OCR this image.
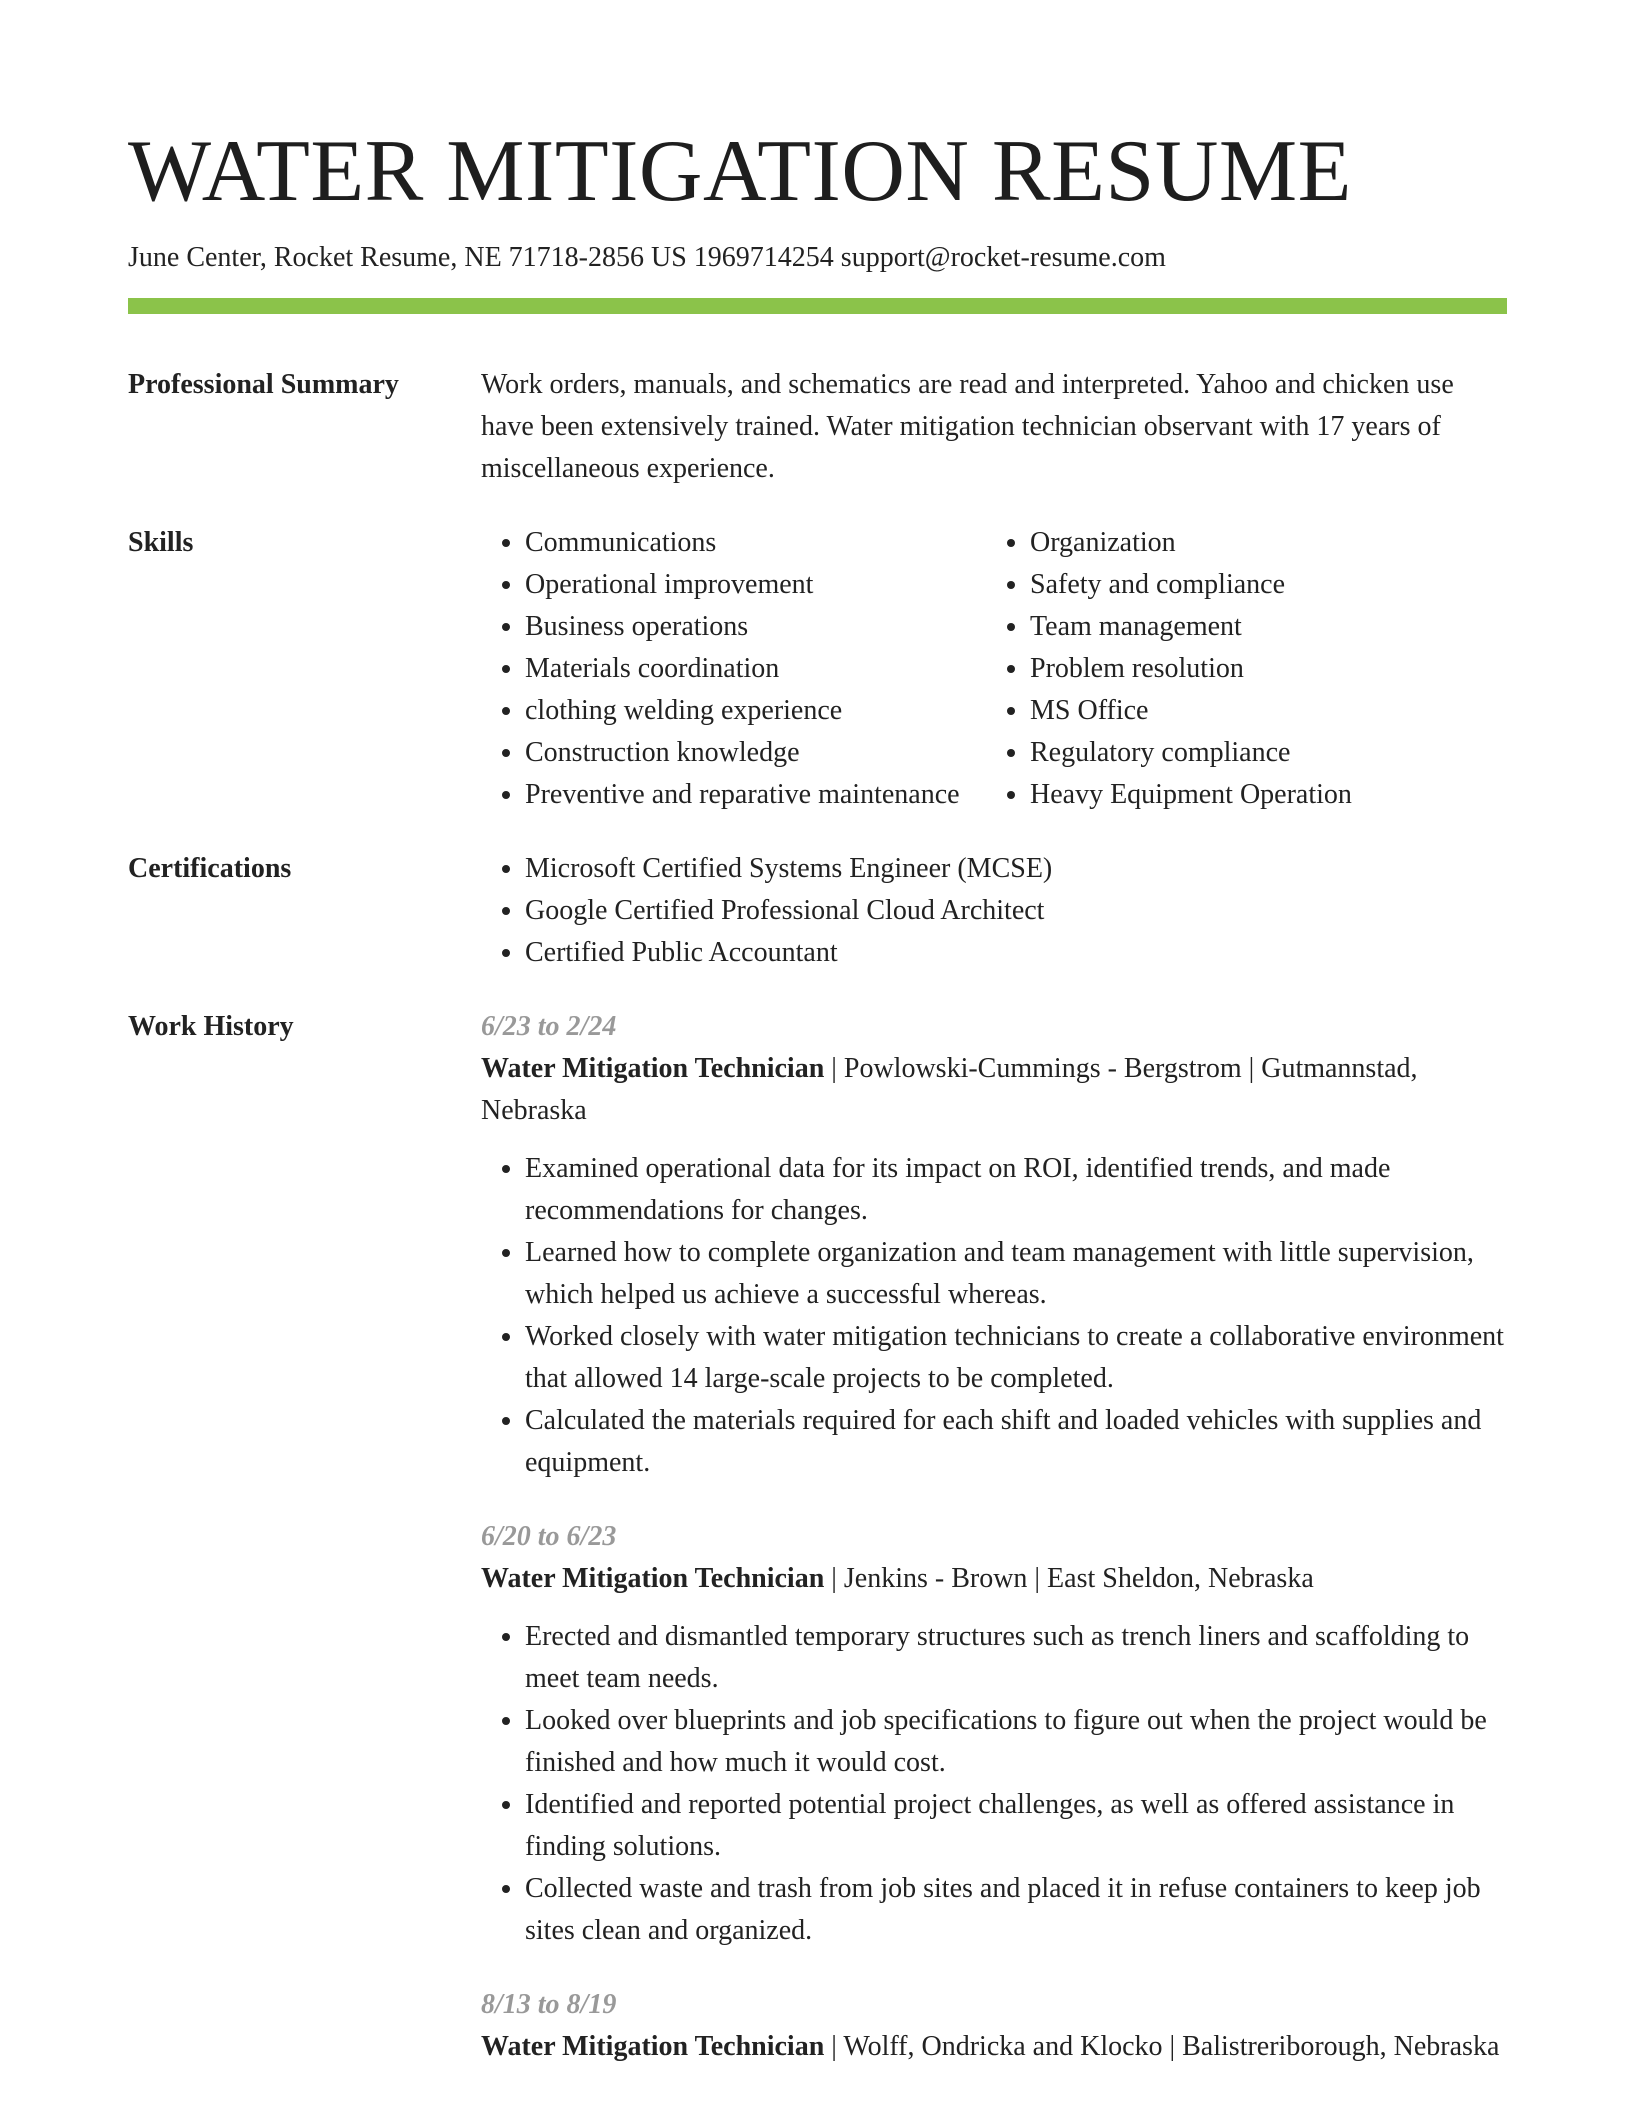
WATER MITIGATION RESUME
June Center, Rocket Resume, NE 71718-2856 US 1969714254 support@rocket-resume.com
Professional Summary	Work orders, manuals, and schematics are read and interpreted. Yahoo and chicken use have been extensively trained. Water mitigation technician observant with 17 years of miscellaneous experience.
Skills	• Communications
• Operational improvement
• Business operations
• Materials coordination
• clothing welding experience
• Construction knowledge
• Preventive and reparative maintenance
• Organization
• Safety and compliance
• Team management
• Problem resolution
• MS Office
• Regulatory compliance
• Heavy Equipment Operation
Certifications	• Microsoft Certified Systems Engineer (MCSE)
• Google Certified Professional Cloud Architect
• Certified Public Accountant
Work History	6/23 to 2/24
Water Mitigation Technician | Powlowski-Cummings - Bergstrom | Gutmannstad, Nebraska
• Examined operational data for its impact on ROI, identified trends, and made recommendations for changes.
• Learned how to complete organization and team management with little supervision, which helped us achieve a successful whereas.
• Worked closely with water mitigation technicians to create a collaborative environment that allowed 14 large-scale projects to be completed.
• Calculated the materials required for each shift and loaded vehicles with supplies and equipment.
6/20 to 6/23
Water Mitigation Technician | Jenkins - Brown | East Sheldon, Nebraska
• Erected and dismantled temporary structures such as trench liners and scaffolding to meet team needs.
• Looked over blueprints and job specifications to figure out when the project would be finished and how much it would cost.
• Identified and reported potential project challenges, as well as offered assistance in finding solutions.
• Collected waste and trash from job sites and placed it in refuse containers to keep job sites clean and organized.
8/13 to 8/19
Water Mitigation Technician | Wolff, Ondricka and Klocko | Balistreriborough, Nebraska
